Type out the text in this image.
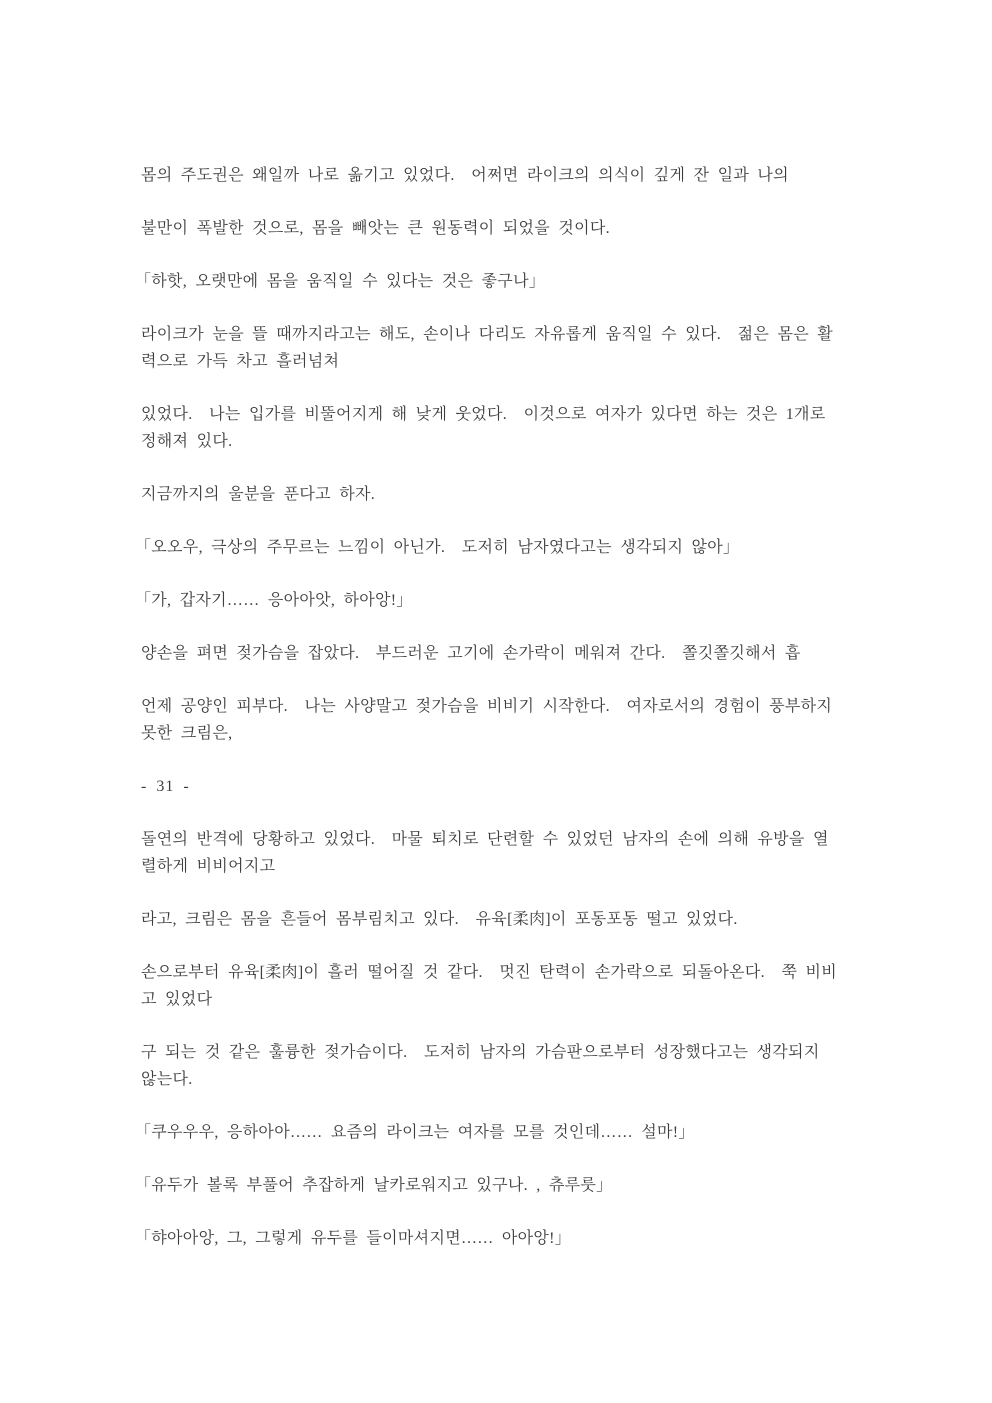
몸의 주도권은 왜일까 나로 옮기고 있었다.  어쩌면 라이크의 의식이 깊게 잔 일과 나의

불만이 폭발한 것으로, 몸을 빼앗는 큰 원동력이 되었을 것이다.

「하핫, 오랫만에 몸을 움직일 수 있다는 것은 좋구나」

라이크가 눈을 뜰 때까지라고는 해도, 손이나 다리도 자유롭게 움직일 수 있다.  젊은 몸은 활
력으로 가득 차고 흘러넘쳐

있었다.  나는 입가를 비뚤어지게 해 낮게 웃었다.  이것으로 여자가 있다면 하는 것은 1개로
정해져 있다.

지금까지의 울분을 푼다고 하자.

「오오우, 극상의 주무르는 느낌이 아닌가.  도저히 남자였다고는 생각되지 않아」

「가, 갑자기…… 응아아앗, 하아앙!」

양손을 펴면 젖가슴을 잡았다.  부드러운 고기에 손가락이 메워져 간다.  쫄깃쫄깃해서 흡

언제 공양인 피부다.  나는 사양말고 젖가슴을 비비기 시작한다.  여자로서의 경험이 풍부하지
못한 크림은,

- 31 -

돌연의 반격에 당황하고 있었다.  마물 퇴치로 단련할 수 있었던 남자의 손에 의해 유방을 열
렬하게 비비어지고

라고, 크림은 몸을 흔들어 몸부림치고 있다.  유육[柔肉]이 포동포동 떨고 있었다.

손으로부터 유육[柔肉]이 흘러 떨어질 것 같다.  멋진 탄력이 손가락으로 되돌아온다.  쭉 비비
고 있었다

구 되는 것 같은 훌륭한 젖가슴이다.  도저히 남자의 가슴판으로부터 성장했다고는 생각되지
않는다.

「쿠우우우, 응하아아…… 요즘의 라이크는 여자를 모를 것인데…… 설마!」

「유두가 볼록 부풀어 추잡하게 날카로워지고 있구나. , 츄루룻」

「햐아아앙, 그, 그렇게 유두를 들이마셔지면…… 아아앙!」
